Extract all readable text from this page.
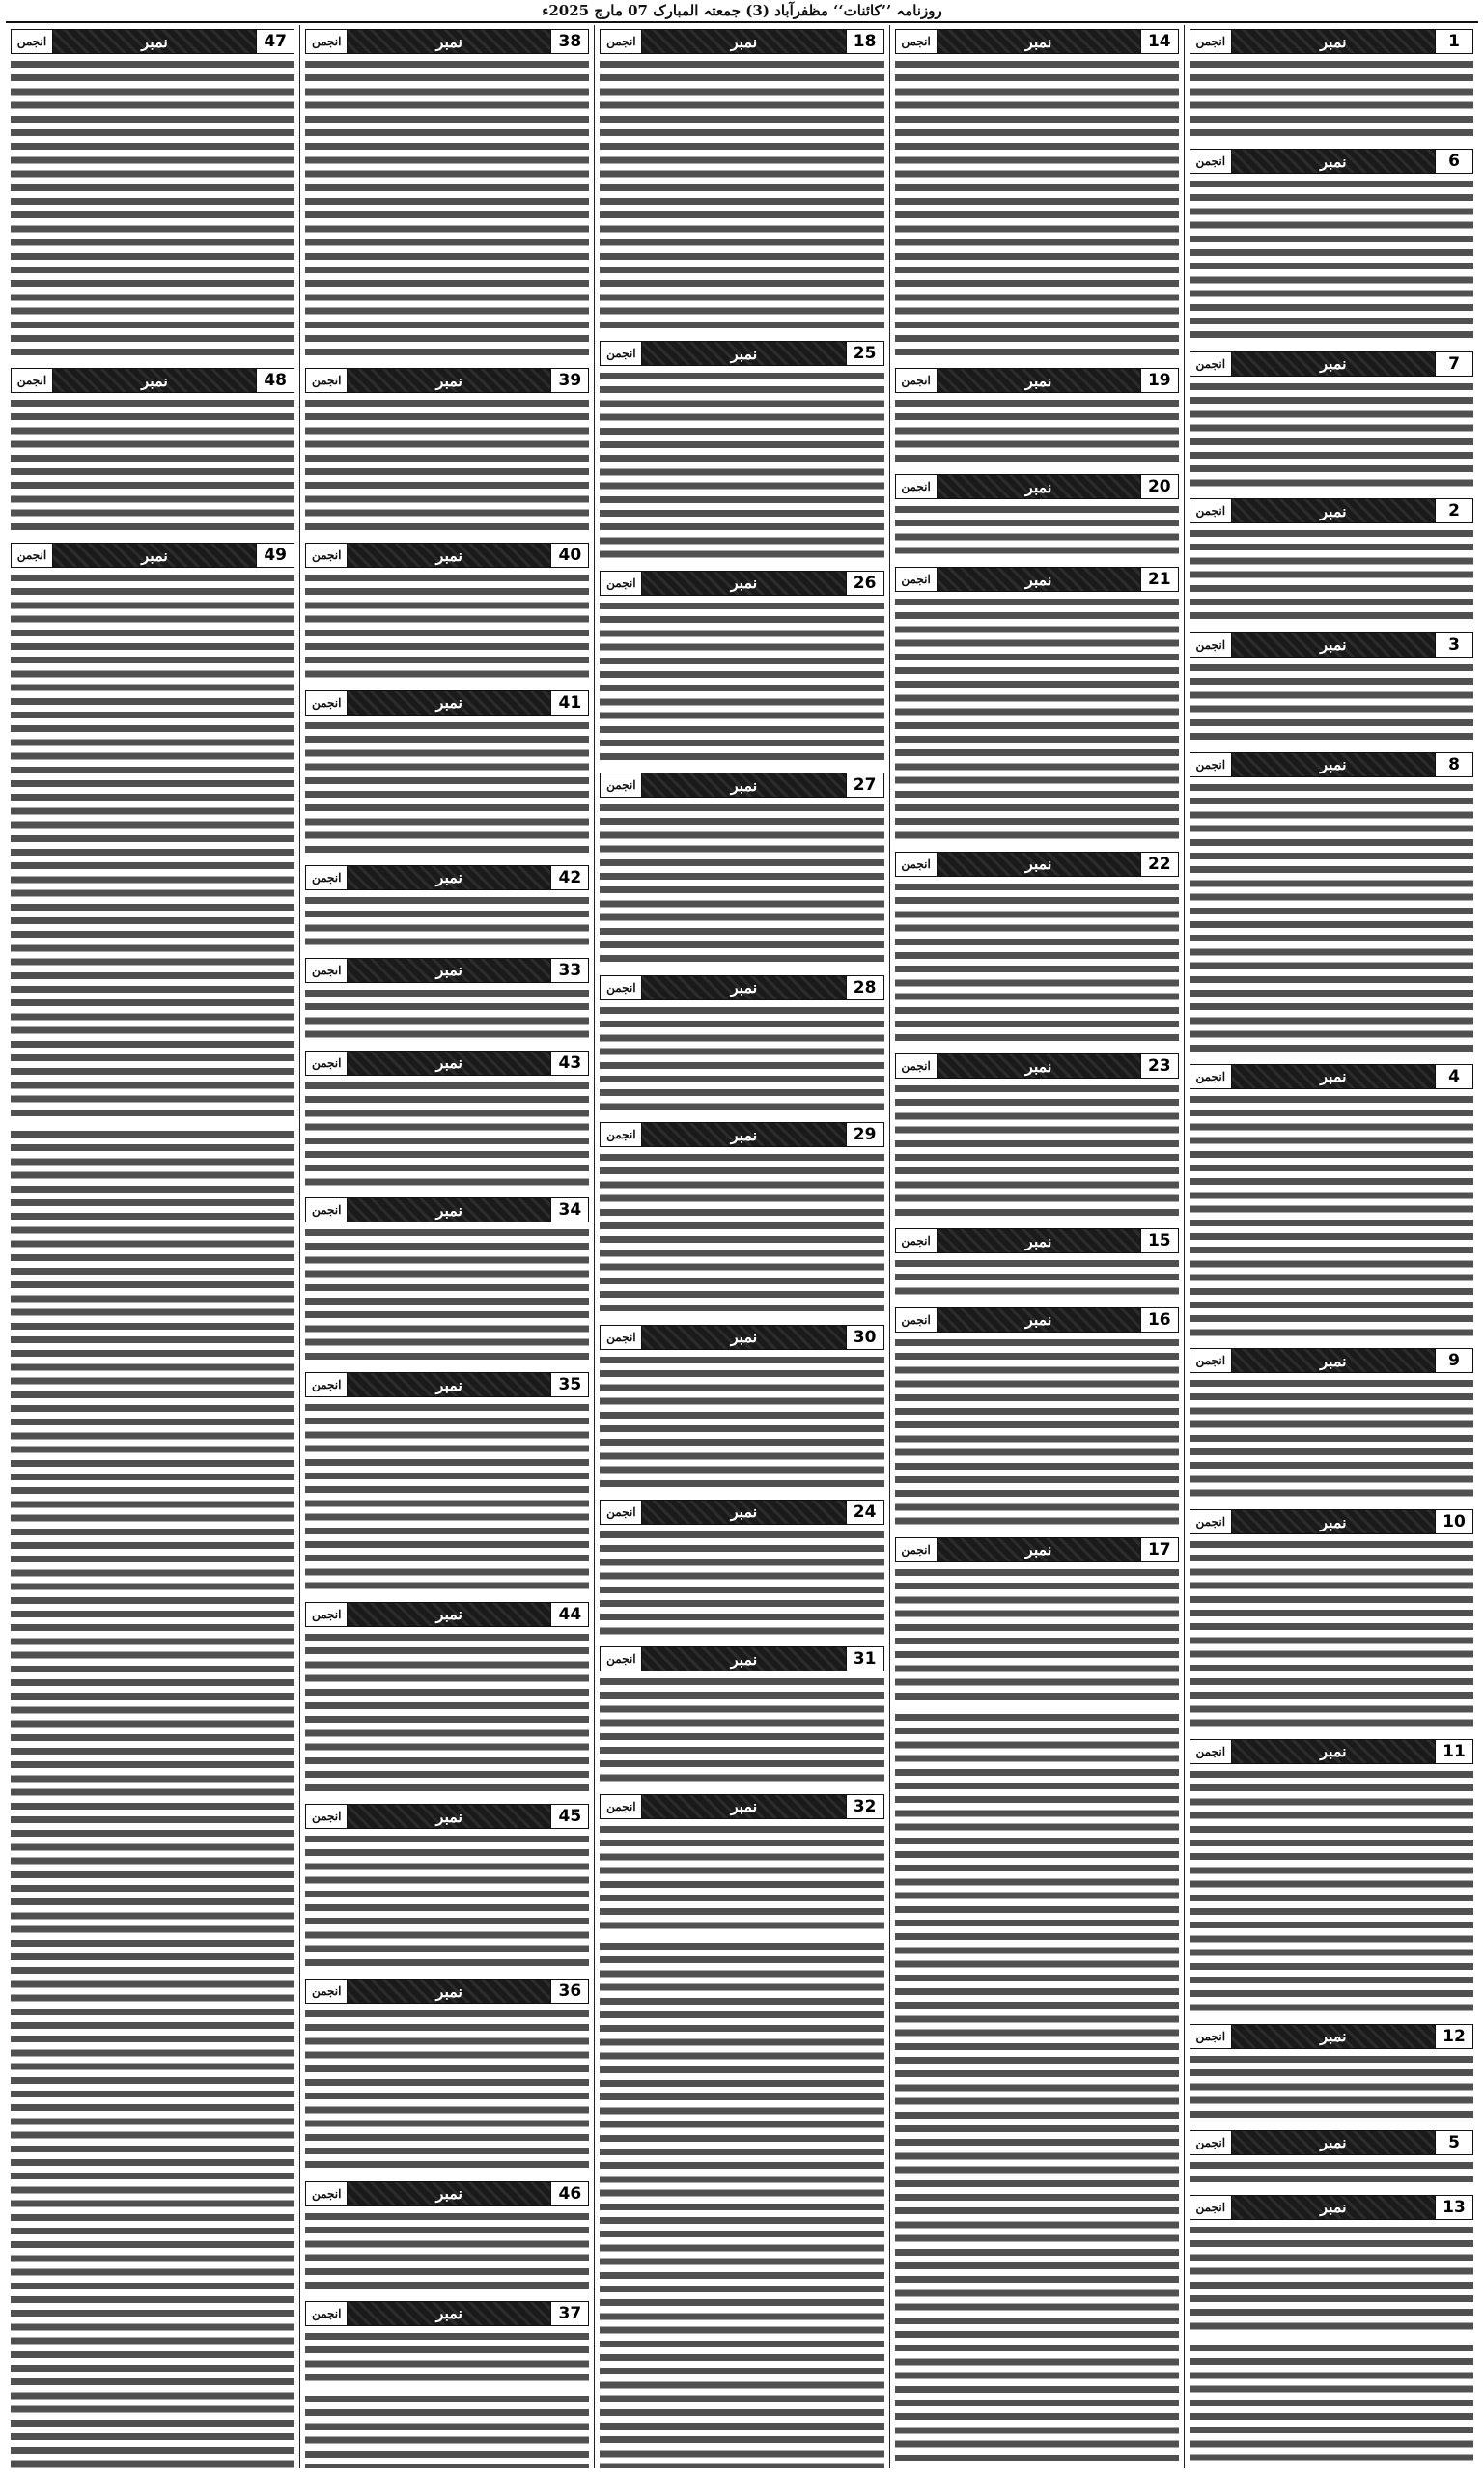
روزنامہ ’’کائنات‘‘ مظفرآباد (3) جمعتہ المبارک 07 مارچ 2025ء
1
نمبر
انجمن
6
نمبر
انجمن
7
نمبر
انجمن
2
نمبر
انجمن
3
نمبر
انجمن
8
نمبر
انجمن
4
نمبر
انجمن
9
نمبر
انجمن
10
نمبر
انجمن
11
نمبر
انجمن
12
نمبر
انجمن
5
نمبر
انجمن
13
نمبر
انجمن
14
نمبر
انجمن
19
نمبر
انجمن
20
نمبر
انجمن
21
نمبر
انجمن
22
نمبر
انجمن
23
نمبر
انجمن
15
نمبر
انجمن
16
نمبر
انجمن
17
نمبر
انجمن
18
نمبر
انجمن
25
نمبر
انجمن
26
نمبر
انجمن
27
نمبر
انجمن
28
نمبر
انجمن
29
نمبر
انجمن
30
نمبر
انجمن
24
نمبر
انجمن
31
نمبر
انجمن
32
نمبر
انجمن
38
نمبر
انجمن
39
نمبر
انجمن
40
نمبر
انجمن
41
نمبر
انجمن
42
نمبر
انجمن
33
نمبر
انجمن
43
نمبر
انجمن
34
نمبر
انجمن
35
نمبر
انجمن
44
نمبر
انجمن
45
نمبر
انجمن
36
نمبر
انجمن
46
نمبر
انجمن
37
نمبر
انجمن
47
نمبر
انجمن
48
نمبر
انجمن
49
نمبر
انجمن
